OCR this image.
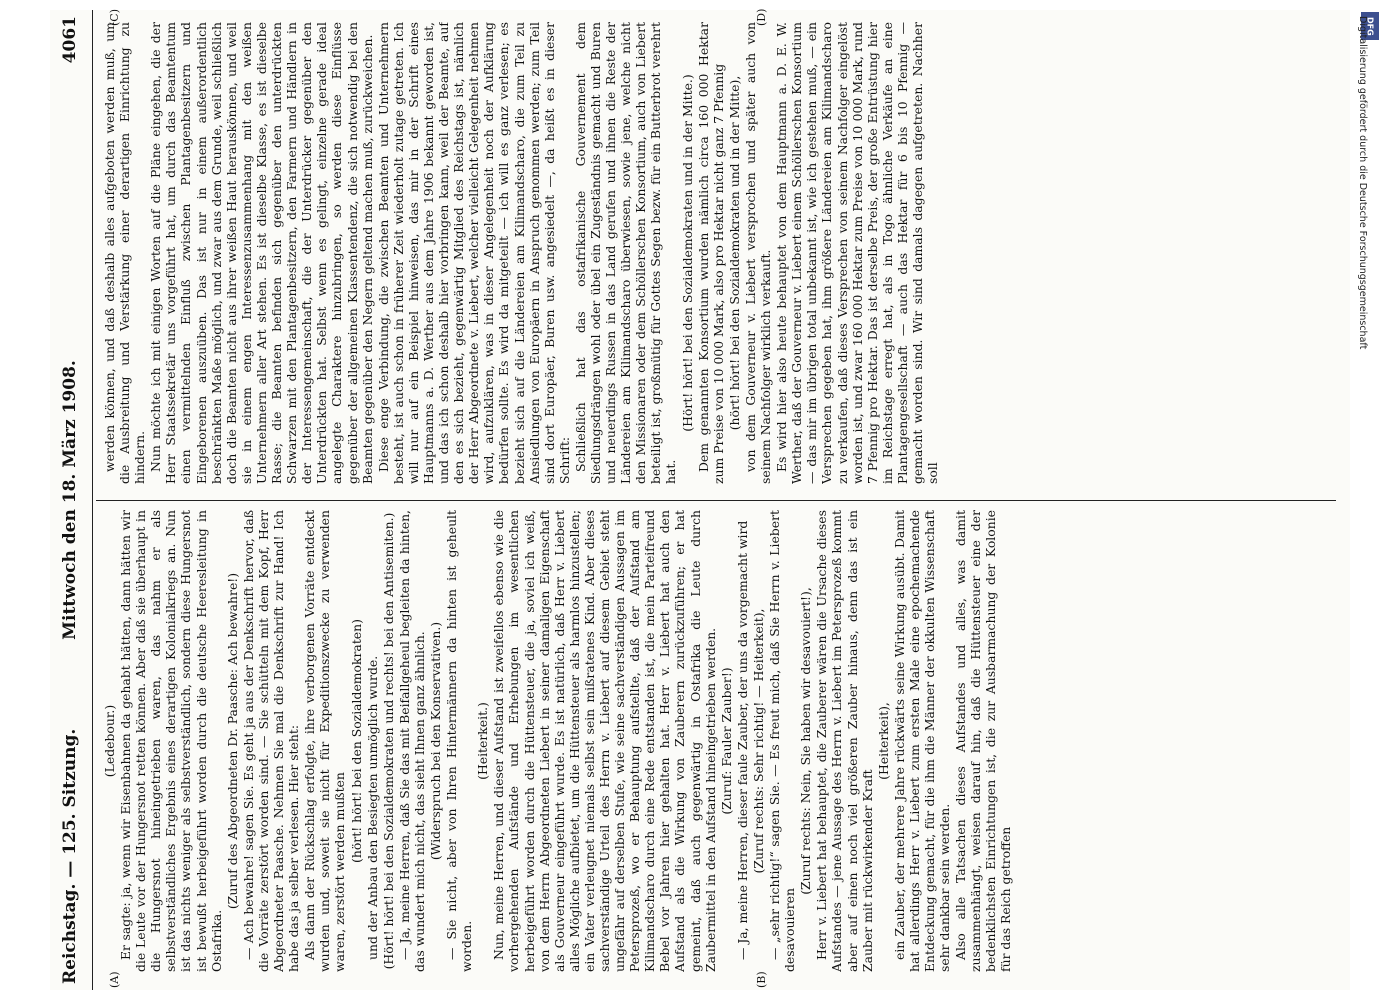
Reichstag. — 125. Sitzung.
Mittwoch den 18. März 1908.
4061
(A)	(B)
(C)	(D)

(Ledebour.) Er sagte: ja, wenn wir Eisenbahnen da gehabt hätten, dann hätten wir die Leute vor der Hungersnot retten können. Aber daß sie überhaupt in die Hungersnot hineingetrieben waren, das nahm er als selbstverständliches Ergebnis eines derartigen Kolonialkriegs an. Nun ist das nichts weniger als selbstverständlich, sondern diese Hungersnot ist bewußt herbeigeführt worden durch die deutsche Heeresleitung in Ostafrika.

(Zuruf des Abgeordneten Dr. Paasche: Ach bewahre!) — Ach bewahre! sagen Sie. Es geht ja aus der Denkschrift hervor, daß die Vorräte zerstört worden sind. — Sie schütteln mit dem Kopf, Herr Abgeordneter Paasche. Nehmen Sie mal die Denkschrift zur Hand! Ich habe das ja selber verlesen. Hier steht: Als dann der Rückschlag erfolgte, ihre verborgenen Vorräte entdeckt wurden und, soweit sie nicht für Expeditionszwecke zu verwenden waren, zerstört werden mußten

(hört! hört! bei den Sozialdemokraten) und der Anbau den Besiegten unmöglich wurde. (Hört! hört! bei den Sozialdemokraten und rechts! bei den Antisemiten.) — Ja, meine Herren, daß Sie das mit Beifallgeheul begleiten da hinten, das wundert mich nicht, das sieht Ihnen ganz ähnlich. (Widerspruch bei den Konservativen.) — Sie nicht, aber von Ihren Hintermännern da hinten ist geheult worden.

(Heiterkeit.) Nun, meine Herren, und dieser Aufstand ist zweifellos ebenso wie die vorhergehenden Aufstände und Erhebungen im wesentlichen herbeigeführt worden durch die Hüttensteuer, die ja, soviel ich weiß, von dem Herrn Abgeordneten Liebert in seiner damaligen Eigenschaft als Gouverneur eingeführt wurde. Es ist natürlich, daß Herr v. Liebert alles Mögliche aufbietet, um die Hüttensteuer als harmlos hinzustellen; ein Vater verleugnet niemals selbst sein mißratenes Kind. Aber dieses sachverständige Urteil des Herrn v. Liebert auf diesem Gebiet steht ungefähr auf derselben Stufe, wie seine sachverständigen Aussagen im Petersprozeß, wo er Behauptung aufstellte, daß der Aufstand am Kilimandscharo durch eine Rede entstanden ist, die mein Parteifreund Bebel vor Jahren hier gehalten hat. Herr v. Liebert hat auch den Aufstand als die Wirkung von Zauberern zurückzuführen; er hat gemeint, daß auch gegenwärtig in Ostafrika die Leute durch Zaubermittel in den Aufstand hineingetrieben werden. (Zuruf: Fauler Zauber!) — Ja, meine Herren, dieser faule Zauber, der uns da vorgemacht wird (Zuruf rechts: Sehr richtig! — Heiterkeit), — „sehr richtig!“ sagen Sie. — Es freut mich, daß Sie Herrn v. Liebert desavouieren

(Zuruf rechts: Nein, Sie haben wir desavouiert!), Herr v. Liebert hat behauptet, die Zauberer wären die Ursache dieses Aufstandes — jene Aussage des Herrn v. Liebert im Petersprozeß kommt aber auf einen noch viel größeren Zauber hinaus, denn das ist ein Zauber mit rückwirkender Kraft

(Heiterkeit), ein Zauber, der mehrere Jahre rückwärts seine Wirkung ausübt. Damit hat allerdings Herr v. Liebert zum ersten Male eine epochemachende Entdeckung gemacht, für die ihm die Männer der okkulten Wissenschaft sehr dankbar sein werden. Also alle Tatsachen dieses Aufstandes und alles, was damit zusammenhängt, weisen darauf hin, daß die Hüttensteuer eine der bedenklichsten Einrichtungen ist, die zur Ausbarmachung der Kolonie für das Reich getroffen

werden können, und daß deshalb alles aufgeboten werden muß, um die Ausbreitung und Verstärkung einer derartigen Einrichtung zu hindern. Nun möchte ich mit einigen Worten auf die Pläne eingehen, die der Herr Staatssekretär uns vorgeführt hat, um durch das Beamtentum einen vermittelnden Einfluß zwischen Plantagenbesitzern und Eingeborenen auszuüben. Das ist nur in einem außerordentlich beschränkten Maße möglich, und zwar aus dem Grunde, weil schließlich doch die Beamten nicht aus ihrer weißen Haut herauskönnen, und weil sie in einem engen Interessenzusammenhang mit den weißen Unternehmern aller Art stehen. Es ist dieselbe Klasse, es ist dieselbe Rasse; die Beamten befinden sich gegenüber den unterdrückten Schwarzen mit den Plantagenbesitzern, den Farmern und Händlern in der Interessengemeinschaft, die der Unterdrücker gegenüber den Unterdrückten hat. Selbst wenn es gelingt, einzelne gerade ideal angelegte Charaktere hinzubringen, so werden diese Einflüsse gegenüber der allgemeinen Klassentendenz, die sich notwendig bei den Beamten gegenüber den Negern geltend machen muß, zurückweichen. Diese enge Verbindung, die zwischen Beamten und Unternehmern besteht, ist auch schon in früherer Zeit wiederholt zutage getreten. Ich will nur auf ein Beispiel hinweisen, das mir in der Schrift eines Hauptmanns a. D. Werther aus dem Jahre 1906 bekannt geworden ist, und das ich schon deshalb hier vorbringen kann, weil der Beamte, auf den es sich bezieht, gegenwärtig Mitglied des Reichstags ist, nämlich der Herr Abgeordnete v. Liebert, welcher vielleicht Gelegenheit nehmen wird, aufzuklären, was in dieser Angelegenheit noch der Aufklärung bedürfen sollte. Es wird da mitgeteilt — ich will es ganz verlesen; es bezieht sich auf die Ländereien am Kilimandscharo, die zum Teil zu Ansiedlungen von Europäern in Anspruch genommen werden; zum Teil sind dort Europäer, Buren usw. angesiedelt —, da heißt es in dieser Schrift: Schließlich hat das ostafrikanische Gouvernement dem Siedlungsdrängen wohl oder übel ein Zugeständnis gemacht und Buren und neuerdings Russen in das Land gerufen und ihnen die Reste der Ländereien am Kilimandscharo überwiesen, sowie jene, welche nicht den Missionaren oder dem Schöllerschen Konsortium, auch von Liebert beteiligt ist, großmütig für Gottes Segen bezw. für ein Butterbrot verehrt hat.

(Hört! hört! bei den Sozialdemokraten und in der Mitte.) Dem genannten Konsortium wurden nämlich circa 160 000 Hektar zum Preise von 10 000 Mark, also pro Hektar nicht ganz 7 Pfennig (hört! hört! bei den Sozialdemokraten und in der Mitte), von dem Gouverneur v. Liebert versprochen und später auch von seinem Nachfolger wirklich verkauft. Es wird hier also heute behauptet von dem Hauptmann a. D. E. W. Werther, daß der Gouverneur v. Liebert einem Schöllerschen Konsortium — das mir im übrigen total unbekannt ist, wie ich gestehen muß, — ein Versprechen gegeben hat, ihm größere Ländereien am Kilimandscharo zu verkaufen, daß dieses Versprechen von seinem Nachfolger eingelöst worden ist, und zwar 160 000 Hektar zum Preise von 10 000 Mark, rund 7 Pfennig pro Hektar. Das ist derselbe Preis, der große Entrüstung hier im Reichstage erregt hat, als in Togo ähnliche Verkäufe an eine Plantagengesellschaft — auch das Hektar für 6 bis 10 Pfennig — gemacht worden sind. Wir sind damals dagegen aufgetreten. Nachher soll

DFG
Digitalisierung gefördert durch die Deutsche Forschungsgemeinschaft
